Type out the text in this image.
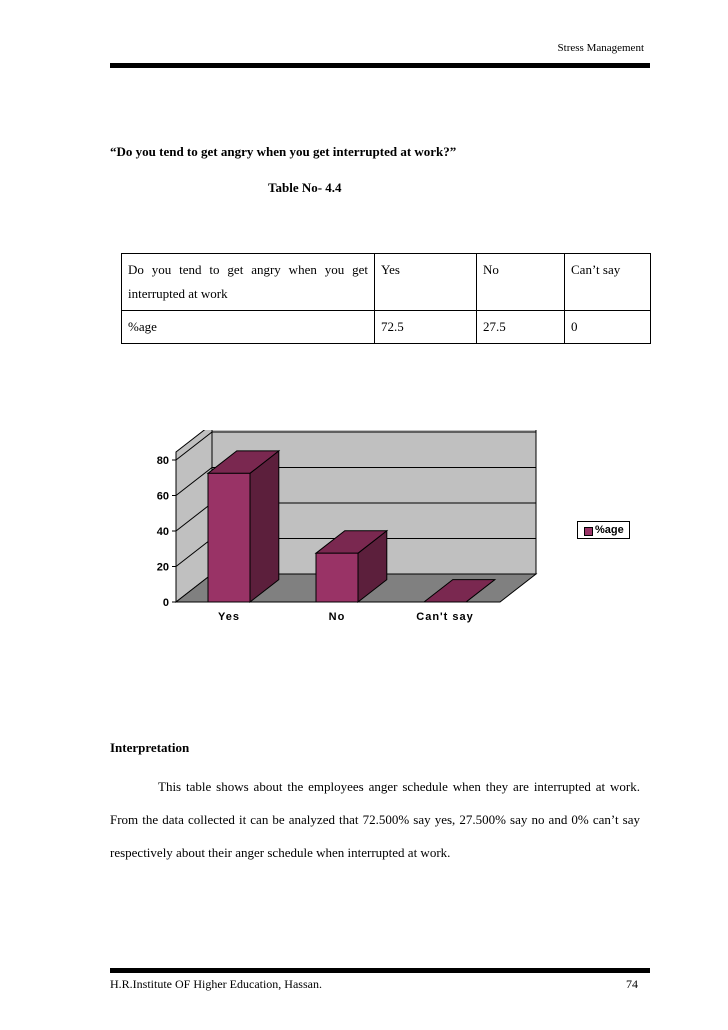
Stress Management
“Do you tend to get angry when you get interrupted at work?”
Table No- 4.4
Do you tend to get angry when you get
interrupted at work	Yes	No	Can’t say
%age	72.5	27.5	0
0
20
40
60
80
Yes	No	Can't say
%age
Interpretation
This table shows about the employees anger schedule when they are interrupted at work. From the data collected it can be analyzed that 72.500% say yes, 27.500% say no and 0% can’t say respectively about their anger schedule when interrupted at work.
H.R.Institute OF Higher Education, Hassan.	74
